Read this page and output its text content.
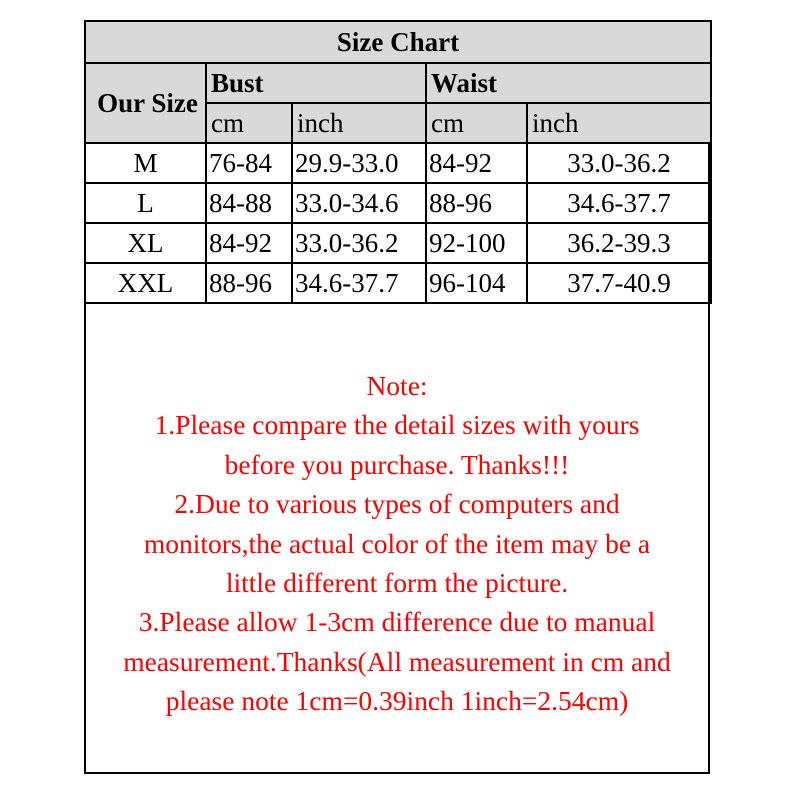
Size Chart				
Our Size	Bust		Waist	
	cm	inch	cm	inch
M	76-84	29.9-33.0	84-92	33.0-36.2
L	84-88	33.0-34.6	88-96	34.6-37.7
XL	84-92	33.0-36.2	92-100	36.2-39.3
XXL	88-96	34.6-37.7	96-104	37.7-40.9
Note:
1.Please compare the detail sizes with yours
before you purchase. Thanks!!!
2.Due to various types of computers and
monitors,the actual color of the item may be a
little different form the picture.
3.Please allow 1-3cm difference due to manual
measurement.Thanks(All measurement in cm and
please note 1cm=0.39inch 1inch=2.54cm)
